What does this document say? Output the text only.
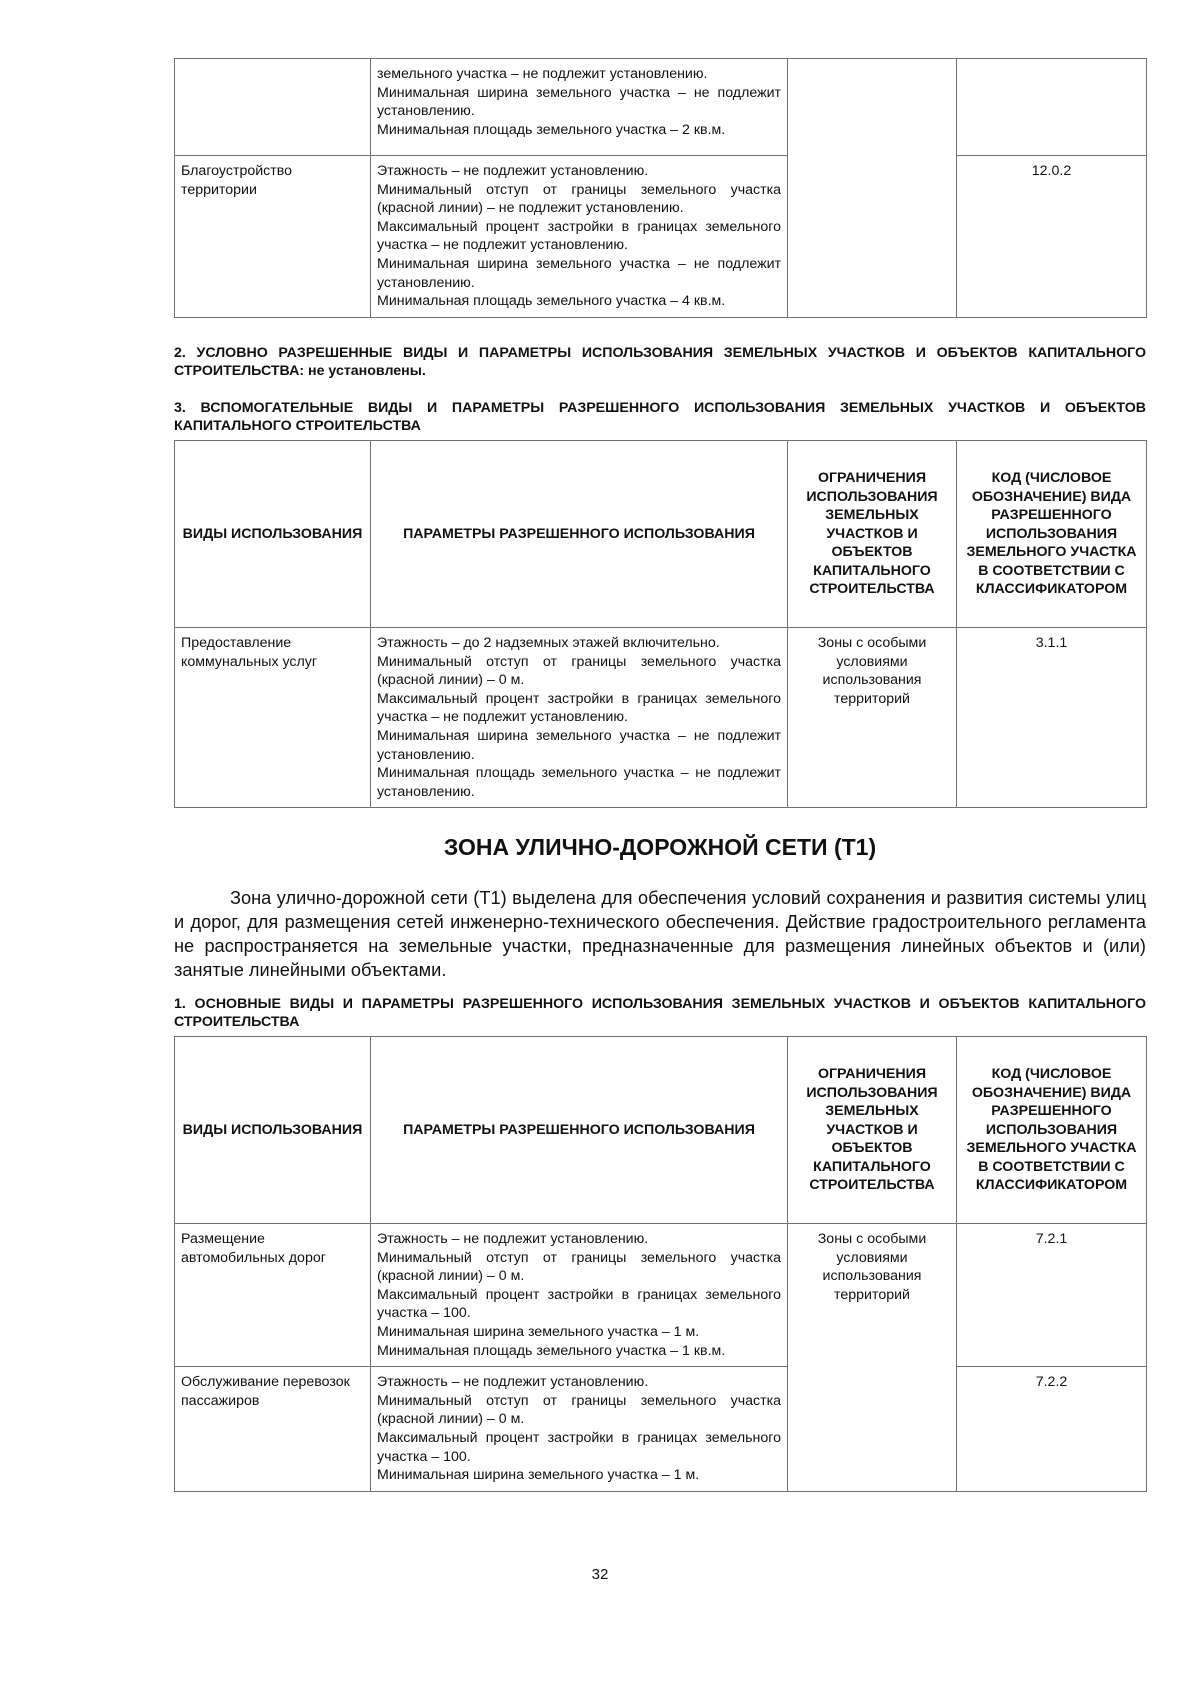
	земельного участка – не подлежит установлению.
Минимальная ширина земельного участка – не подлежит установлению.
Минимальная площадь земельного участка – 2 кв.м.		

Благоустройство территории	Этажность – не подлежит установлению.
Минимальный отступ от границы земельного участка (красной линии) – не подлежит установлению.
Максимальный процент застройки в границах земельного участка – не подлежит установлению.
Минимальная ширина земельного участка – не подлежит установлению.
Минимальная площадь земельного участка – 4 кв.м.		12.0.2
2. УСЛОВНО РАЗРЕШЕННЫЕ ВИДЫ И ПАРАМЕТРЫ ИСПОЛЬЗОВАНИЯ ЗЕМЕЛЬНЫХ УЧАСТКОВ И ОБЪЕКТОВ КАПИТАЛЬНОГО СТРОИТЕЛЬСТВА: не установлены.
3. ВСПОМОГАТЕЛЬНЫЕ ВИДЫ И ПАРАМЕТРЫ РАЗРЕШЕННОГО ИСПОЛЬЗОВАНИЯ ЗЕМЕЛЬНЫХ УЧАСТКОВ И ОБЪЕКТОВ КАПИТАЛЬНОГО СТРОИТЕЛЬСТВА
ВИДЫ ИСПОЛЬЗОВАНИЯ	ПАРАМЕТРЫ РАЗРЕШЕННОГО ИСПОЛЬЗОВАНИЯ	ОГРАНИЧЕНИЯ ИСПОЛЬЗОВАНИЯ ЗЕМЕЛЬНЫХ УЧАСТКОВ И ОБЪЕКТОВ КАПИТАЛЬНОГО СТРОИТЕЛЬСТВА	КОД (ЧИСЛОВОЕ ОБОЗНАЧЕНИЕ) ВИДА РАЗРЕШЕННОГО ИСПОЛЬЗОВАНИЯ ЗЕМЕЛЬНОГО УЧАСТКА В СООТВЕТСТВИИ С КЛАССИФИКАТОРОМ
Предоставление коммунальных услуг	Этажность – до 2 надземных этажей включительно.
Минимальный отступ от границы земельного участка (красной линии) – 0 м.
Максимальный процент застройки в границах земельного участка – не подлежит установлению.
Минимальная ширина земельного участка – не подлежит установлению.
Минимальная площадь земельного участка – не подлежит установлению.	Зоны с особыми условиями использования территорий	3.1.1
ЗОНА УЛИЧНО-ДОРОЖНОЙ СЕТИ (Т1)
Зона улично-дорожной сети (Т1) выделена для обеспечения условий сохранения и развития системы улиц и дорог, для размещения сетей инженерно-технического обеспечения. Действие градостроительного регламента не распространяется на земельные участки, предназначенные для размещения линейных объектов и (или) занятые линейными объектами.
1. ОСНОВНЫЕ ВИДЫ И ПАРАМЕТРЫ РАЗРЕШЕННОГО ИСПОЛЬЗОВАНИЯ ЗЕМЕЛЬНЫХ УЧАСТКОВ И ОБЪЕКТОВ КАПИТАЛЬНОГО СТРОИТЕЛЬСТВА
ВИДЫ ИСПОЛЬЗОВАНИЯ	ПАРАМЕТРЫ РАЗРЕШЕННОГО ИСПОЛЬЗОВАНИЯ	ОГРАНИЧЕНИЯ ИСПОЛЬЗОВАНИЯ ЗЕМЕЛЬНЫХ УЧАСТКОВ И ОБЪЕКТОВ КАПИТАЛЬНОГО СТРОИТЕЛЬСТВА	КОД (ЧИСЛОВОЕ ОБОЗНАЧЕНИЕ) ВИДА РАЗРЕШЕННОГО ИСПОЛЬЗОВАНИЯ ЗЕМЕЛЬНОГО УЧАСТКА В СООТВЕТСТВИИ С КЛАССИФИКАТОРОМ
Размещение автомобильных дорог	Этажность – не подлежит установлению.
Минимальный отступ от границы земельного участка (красной линии) – 0 м.
Максимальный процент застройки в границах земельного участка – 100.
Минимальная ширина земельного участка – 1 м.
Минимальная площадь земельного участка – 1 кв.м.	Зоны с особыми условиями использования территорий	7.2.1
Обслуживание перевозок пассажиров	Этажность – не подлежит установлению.
Минимальный отступ от границы земельного участка (красной линии) – 0 м.
Максимальный процент застройки в границах земельного участка – 100.
Минимальная ширина земельного участка – 1 м.		7.2.2
32
